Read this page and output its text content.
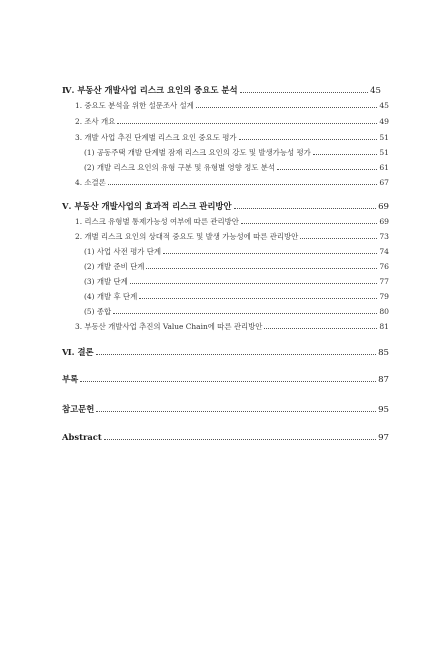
Ⅳ. 부동산 개발사업 리스크 요인의 중요도 분석	45
1. 중요도 분석을 위한 설문조사 설계	45
2. 조사 개요	49
3. 개발 사업 추진 단계별 리스크 요인 중요도 평가	51
(1) 공동주택 개발 단계별 잠재 리스크 요인의 강도 및 발생가능성 평가	51
(2) 개발 리스크 요인의 유형 구분 및 유형별 영향 정도 분석	61
4. 소결론	67
Ⅴ. 부동산 개발사업의 효과적 리스크 관리방안	69
1. 리스크 유형별 통제가능성 여부에 따른 관리방안	69
2. 개별 리스크 요인의 상대적 중요도 및 발생 가능성에 따른 관리방안	73
(1) 사업 사전 평가 단계	74
(2) 개발 준비 단계	76
(3) 개발 단계	77
(4) 개발 후 단계	79
(5) 종합	80
3. 부동산 개발사업 추진의 Value Chain에 따른 관리방안	81
Ⅵ. 결론	85
부록	87
참고문헌	95
Abstract	97
